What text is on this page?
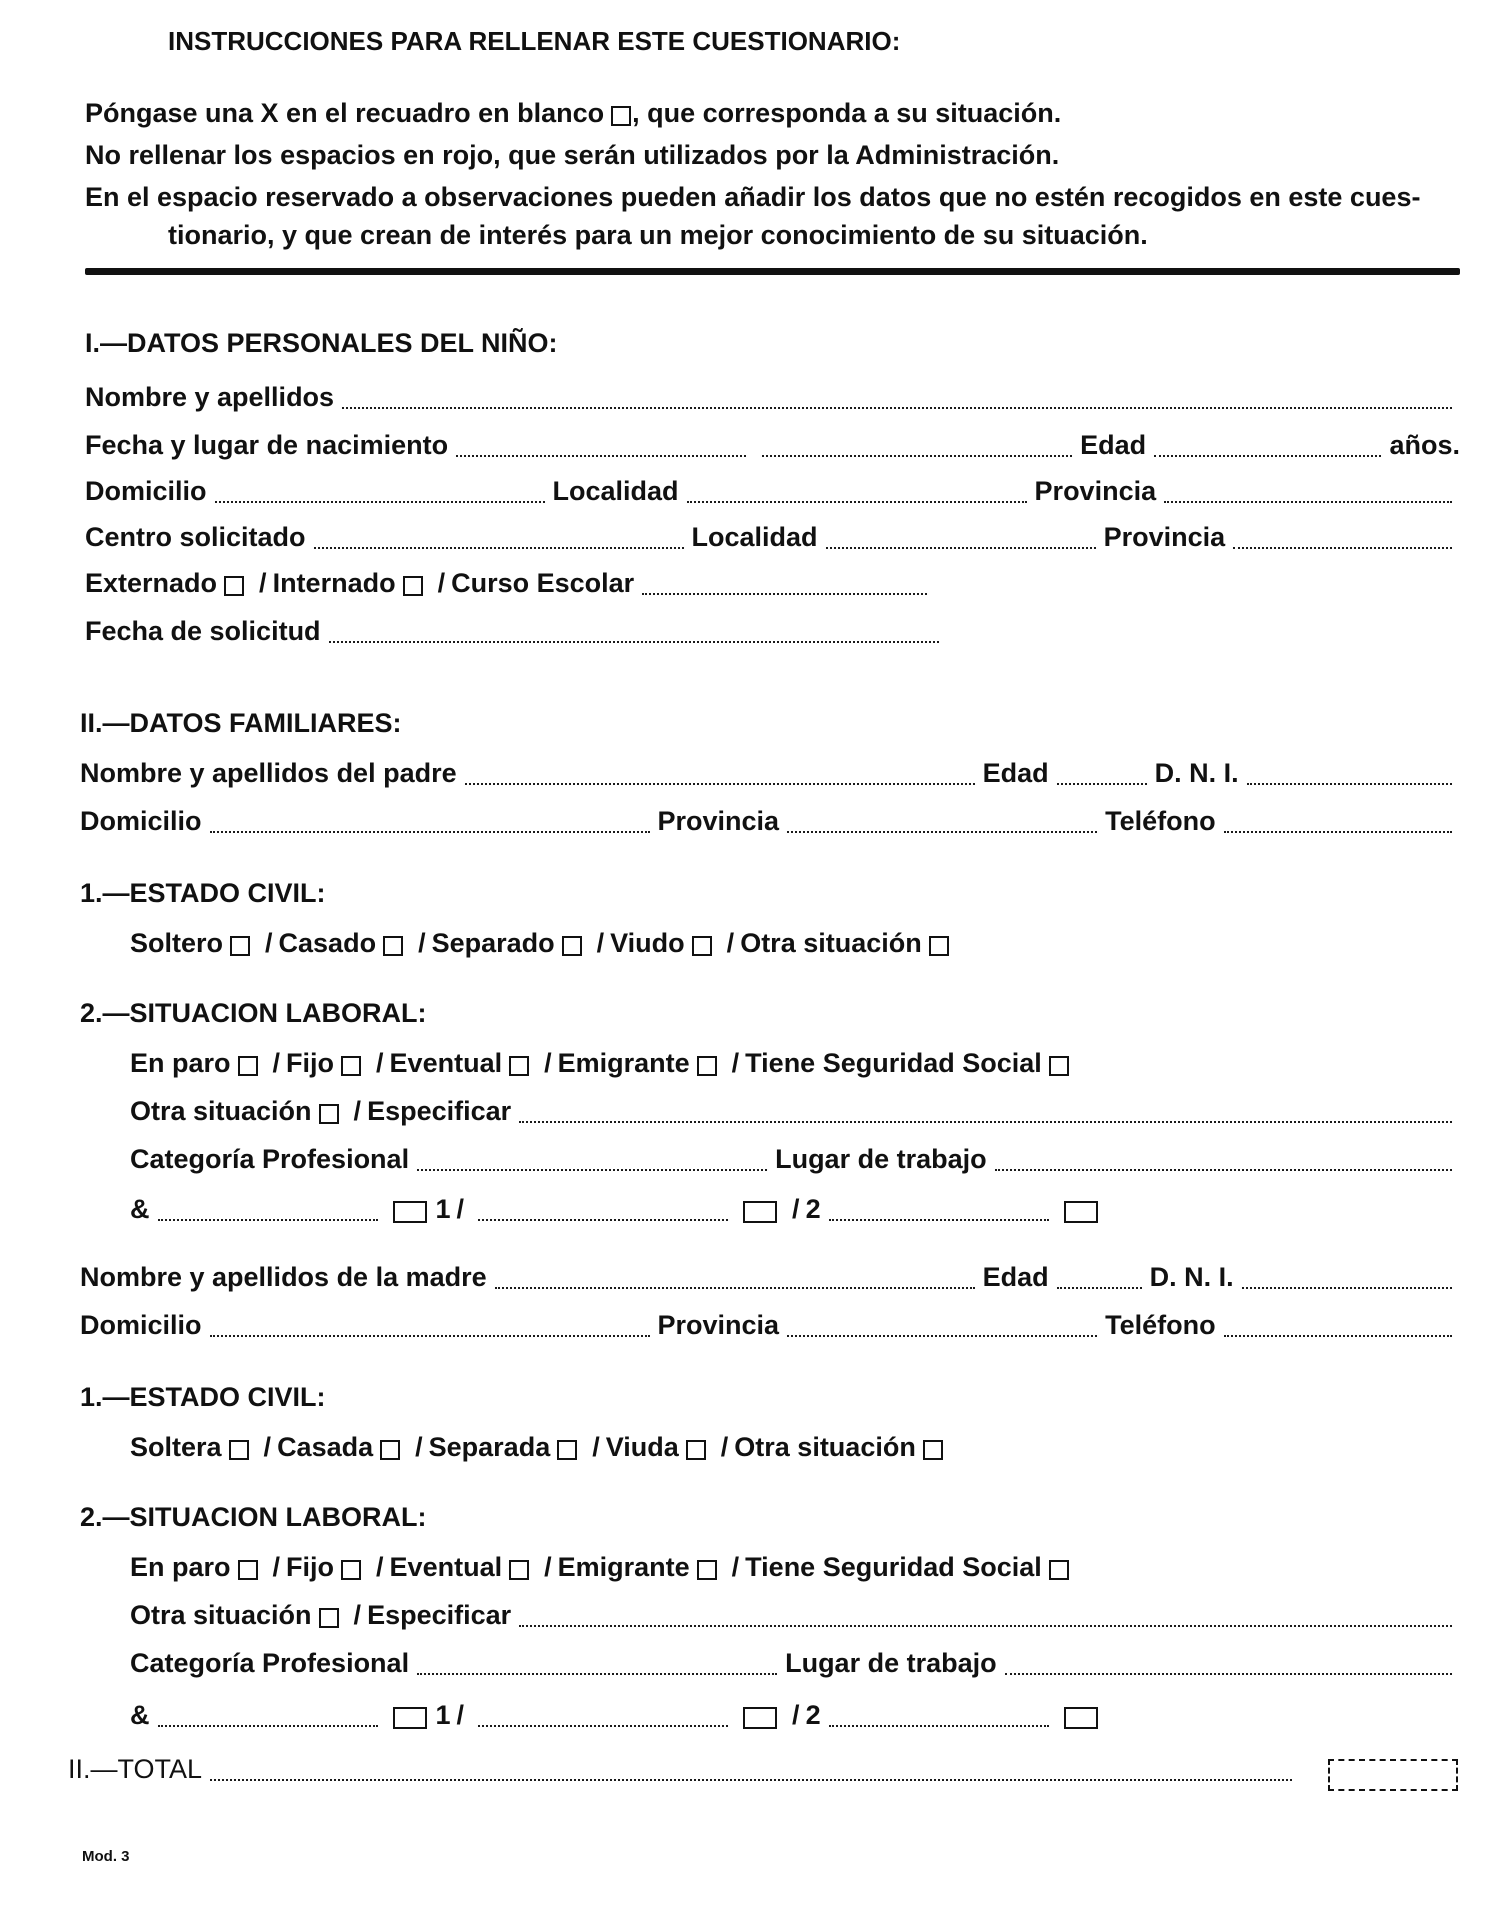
INSTRUCCIONES PARA RELLENAR ESTE CUESTIONARIO:
Póngase una X en el recuadro en blanco , que corresponda a su situación.
No rellenar los espacios en rojo, que serán utilizados por la Administración.
En el espacio reservado a observaciones pueden añadir los datos que no estén recogidos en este cues-
tionario, y que crean de interés para un mejor conocimiento de su situación.
I.—DATOS PERSONALES DEL NIÑO:
Nombre y apellidos
Fecha y lugar de nacimiento	Edad	años.
Domicilio	Localidad	Provincia
Centro solicitado	Localidad	Provincia
Externado / Internado / Curso Escolar
Fecha de solicitud
II.—DATOS FAMILIARES:
Nombre y apellidos del padre	Edad	D. N. I.
Domicilio	Provincia	Teléfono
1.—ESTADO CIVIL:
Soltero / Casado / Separado / Viudo / Otra situación
2.—SITUACION LABORAL:
En paro / Fijo / Eventual / Emigrante / Tiene Seguridad Social
Otra situación / Especificar
Categoría Profesional	Lugar de trabajo
&	1 /	/ 2
Nombre y apellidos de la madre	Edad	D. N. I.
Domicilio	Provincia	Teléfono
1.—ESTADO CIVIL:
Soltera / Casada / Separada / Viuda / Otra situación
2.—SITUACION LABORAL:
En paro / Fijo / Eventual / Emigrante / Tiene Seguridad Social
Otra situación / Especificar
Categoría Profesional	Lugar de trabajo
&	1 /	/ 2
II.—TOTAL
Mod. 3
